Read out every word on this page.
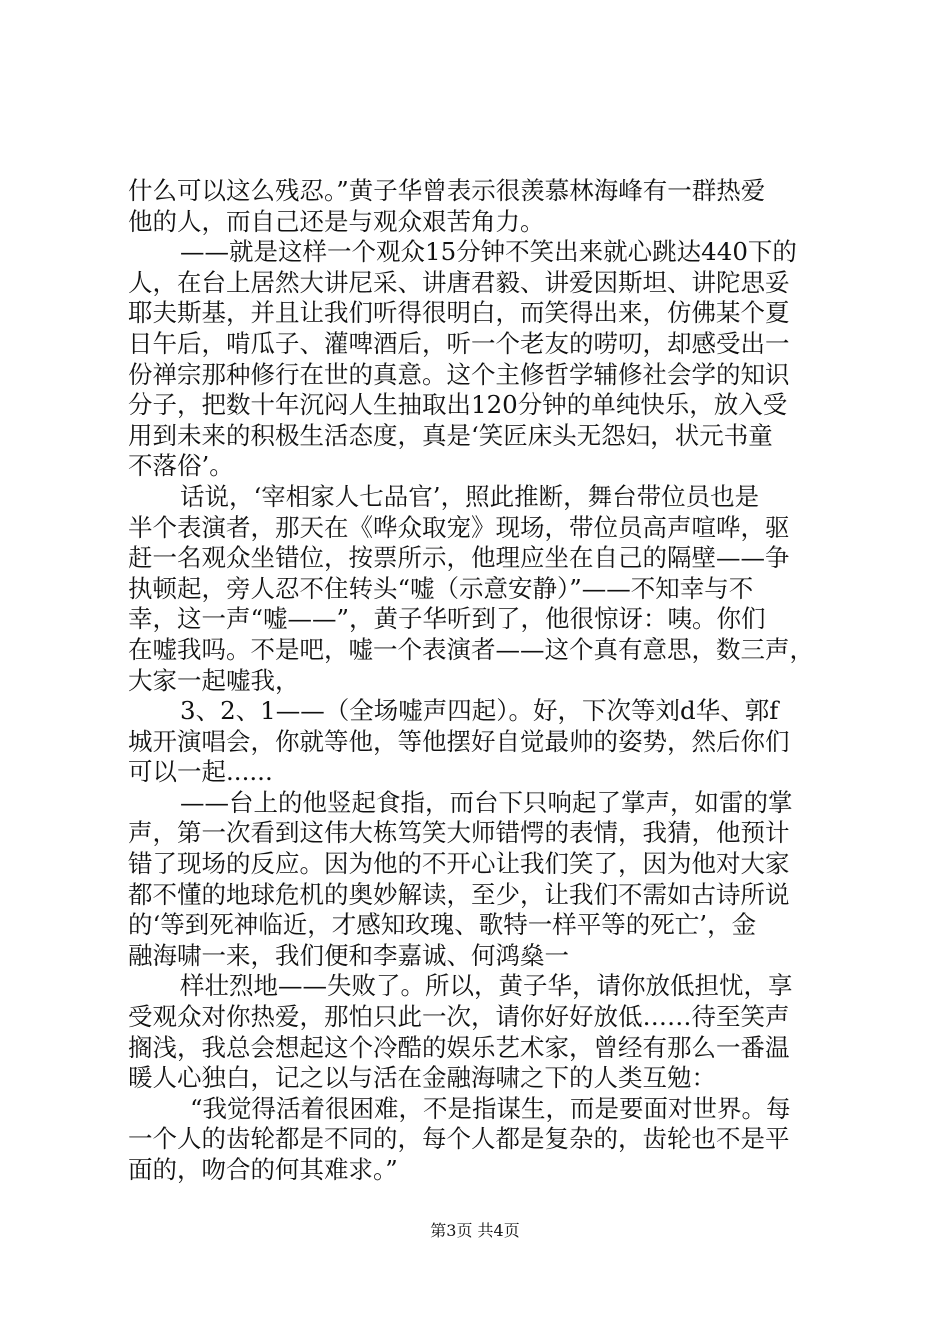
什么可以这么残忍。”黄子华曾表示很羡慕林海峰有一群热爱
他的人，而自己还是与观众艰苦角力。
——就是这样一个观众15分钟不笑出来就心跳达440下的
人，在台上居然大讲尼采、讲唐君毅、讲爱因斯坦、讲陀思妥
耶夫斯基，并且让我们听得很明白，而笑得出来，仿佛某个夏
日午后，啃瓜子、灌啤酒后，听一个老友的唠叨，却感受出一
份禅宗那种修行在世的真意。这个主修哲学辅修社会学的知识
分子，把数十年沉闷人生抽取出120分钟的单纯快乐，放入受
用到未来的积极生活态度，真是‘笑匠床头无怨妇，状元书童
不落俗’。
话说，‘宰相家人七品官’，照此推断，舞台带位员也是
半个表演者，那天在《哗众取宠》现场，带位员高声喧哗，驱
赶一名观众坐错位，按票所示，他理应坐在自己的隔壁——争
执顿起，旁人忍不住转头“嘘（示意安静）”——不知幸与不
幸，这一声“嘘——”，黄子华听到了，他很惊讶：咦。你们
在嘘我吗。不是吧，嘘一个表演者——这个真有意思，数三声，
大家一起嘘我，
3、2、1——（全场嘘声四起）。好，下次等刘d华、郭f
城开演唱会，你就等他，等他摆好自觉最帅的姿势，然后你们
可以一起......
——台上的他竖起食指，而台下只响起了掌声，如雷的掌
声，第一次看到这伟大栋笃笑大师错愕的表情，我猜，他预计
错了现场的反应。因为他的不开心让我们笑了，因为他对大家
都不懂的地球危机的奥妙解读，至少，让我们不需如古诗所说
的‘等到死神临近，才感知玫瑰、歌特一样平等的死亡’，金
融海啸一来，我们便和李嘉诚、何鸿燊一
样壮烈地——失败了。所以，黄子华，请你放低担忧，享
受观众对你热爱，那怕只此一次，请你好好放低……待至笑声
搁浅，我总会想起这个冷酷的娱乐艺术家，曾经有那么一番温
暖人心独白，记之以与活在金融海啸之下的人类互勉：
“我觉得活着很困难，不是指谋生，而是要面对世界。每
一个人的齿轮都是不同的，每个人都是复杂的，齿轮也不是平
面的，吻合的何其难求。”
第3页 共4页
